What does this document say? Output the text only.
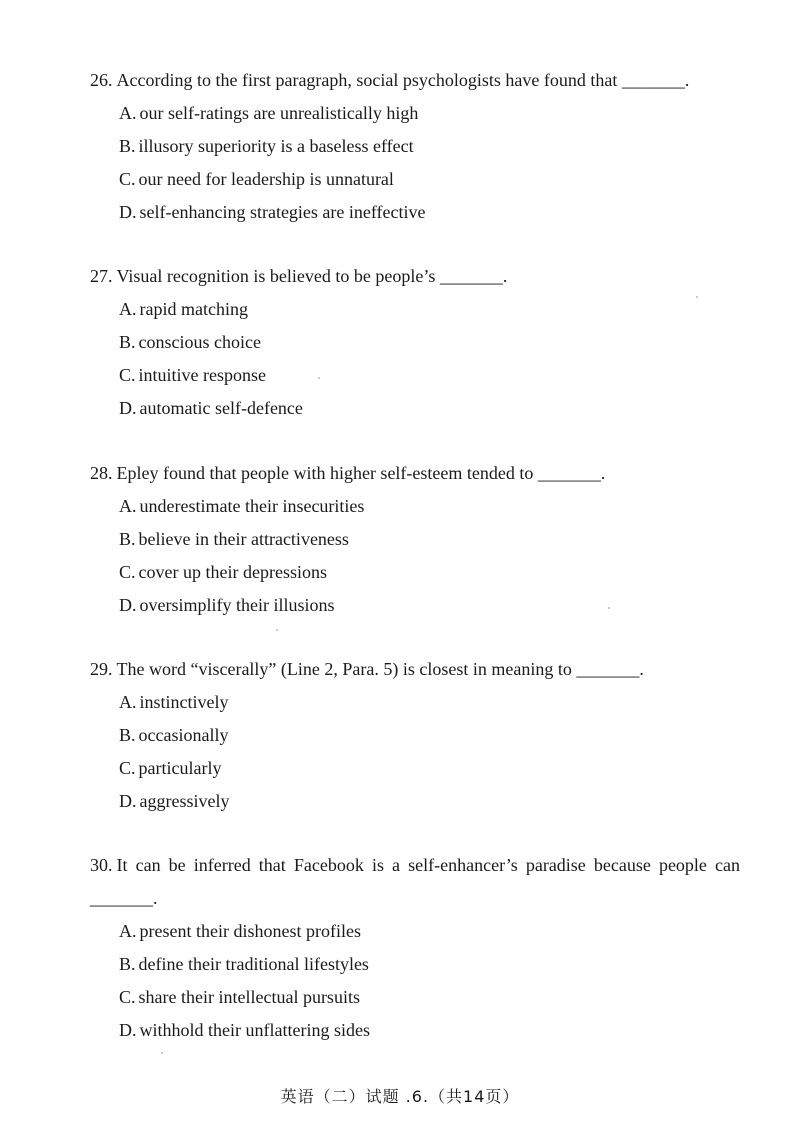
26. According to the first paragraph, social psychologists have found that _______.
A. our self-ratings are unrealistically high
B. illusory superiority is a baseless effect
C. our need for leadership is unnatural
D. self-enhancing strategies are ineffective
27. Visual recognition is believed to be people’s _______.
A. rapid matching
B. conscious choice
C. intuitive response
D. automatic self-defence
28. Epley found that people with higher self-esteem tended to _______.
A. underestimate their insecurities
B. believe in their attractiveness
C. cover up their depressions
D. oversimplify their illusions
29. The word “viscerally” (Line 2, Para. 5) is closest in meaning to _______.
A. instinctively
B. occasionally
C. particularly
D. aggressively
30. It can be inferred that Facebook is a self-enhancer’s paradise because people can _______.
A. present their dishonest profiles
B. define their traditional lifestyles
C. share their intellectual pursuits
D. withhold their unflattering sides
英语（二）试题 .6.（共14页）
